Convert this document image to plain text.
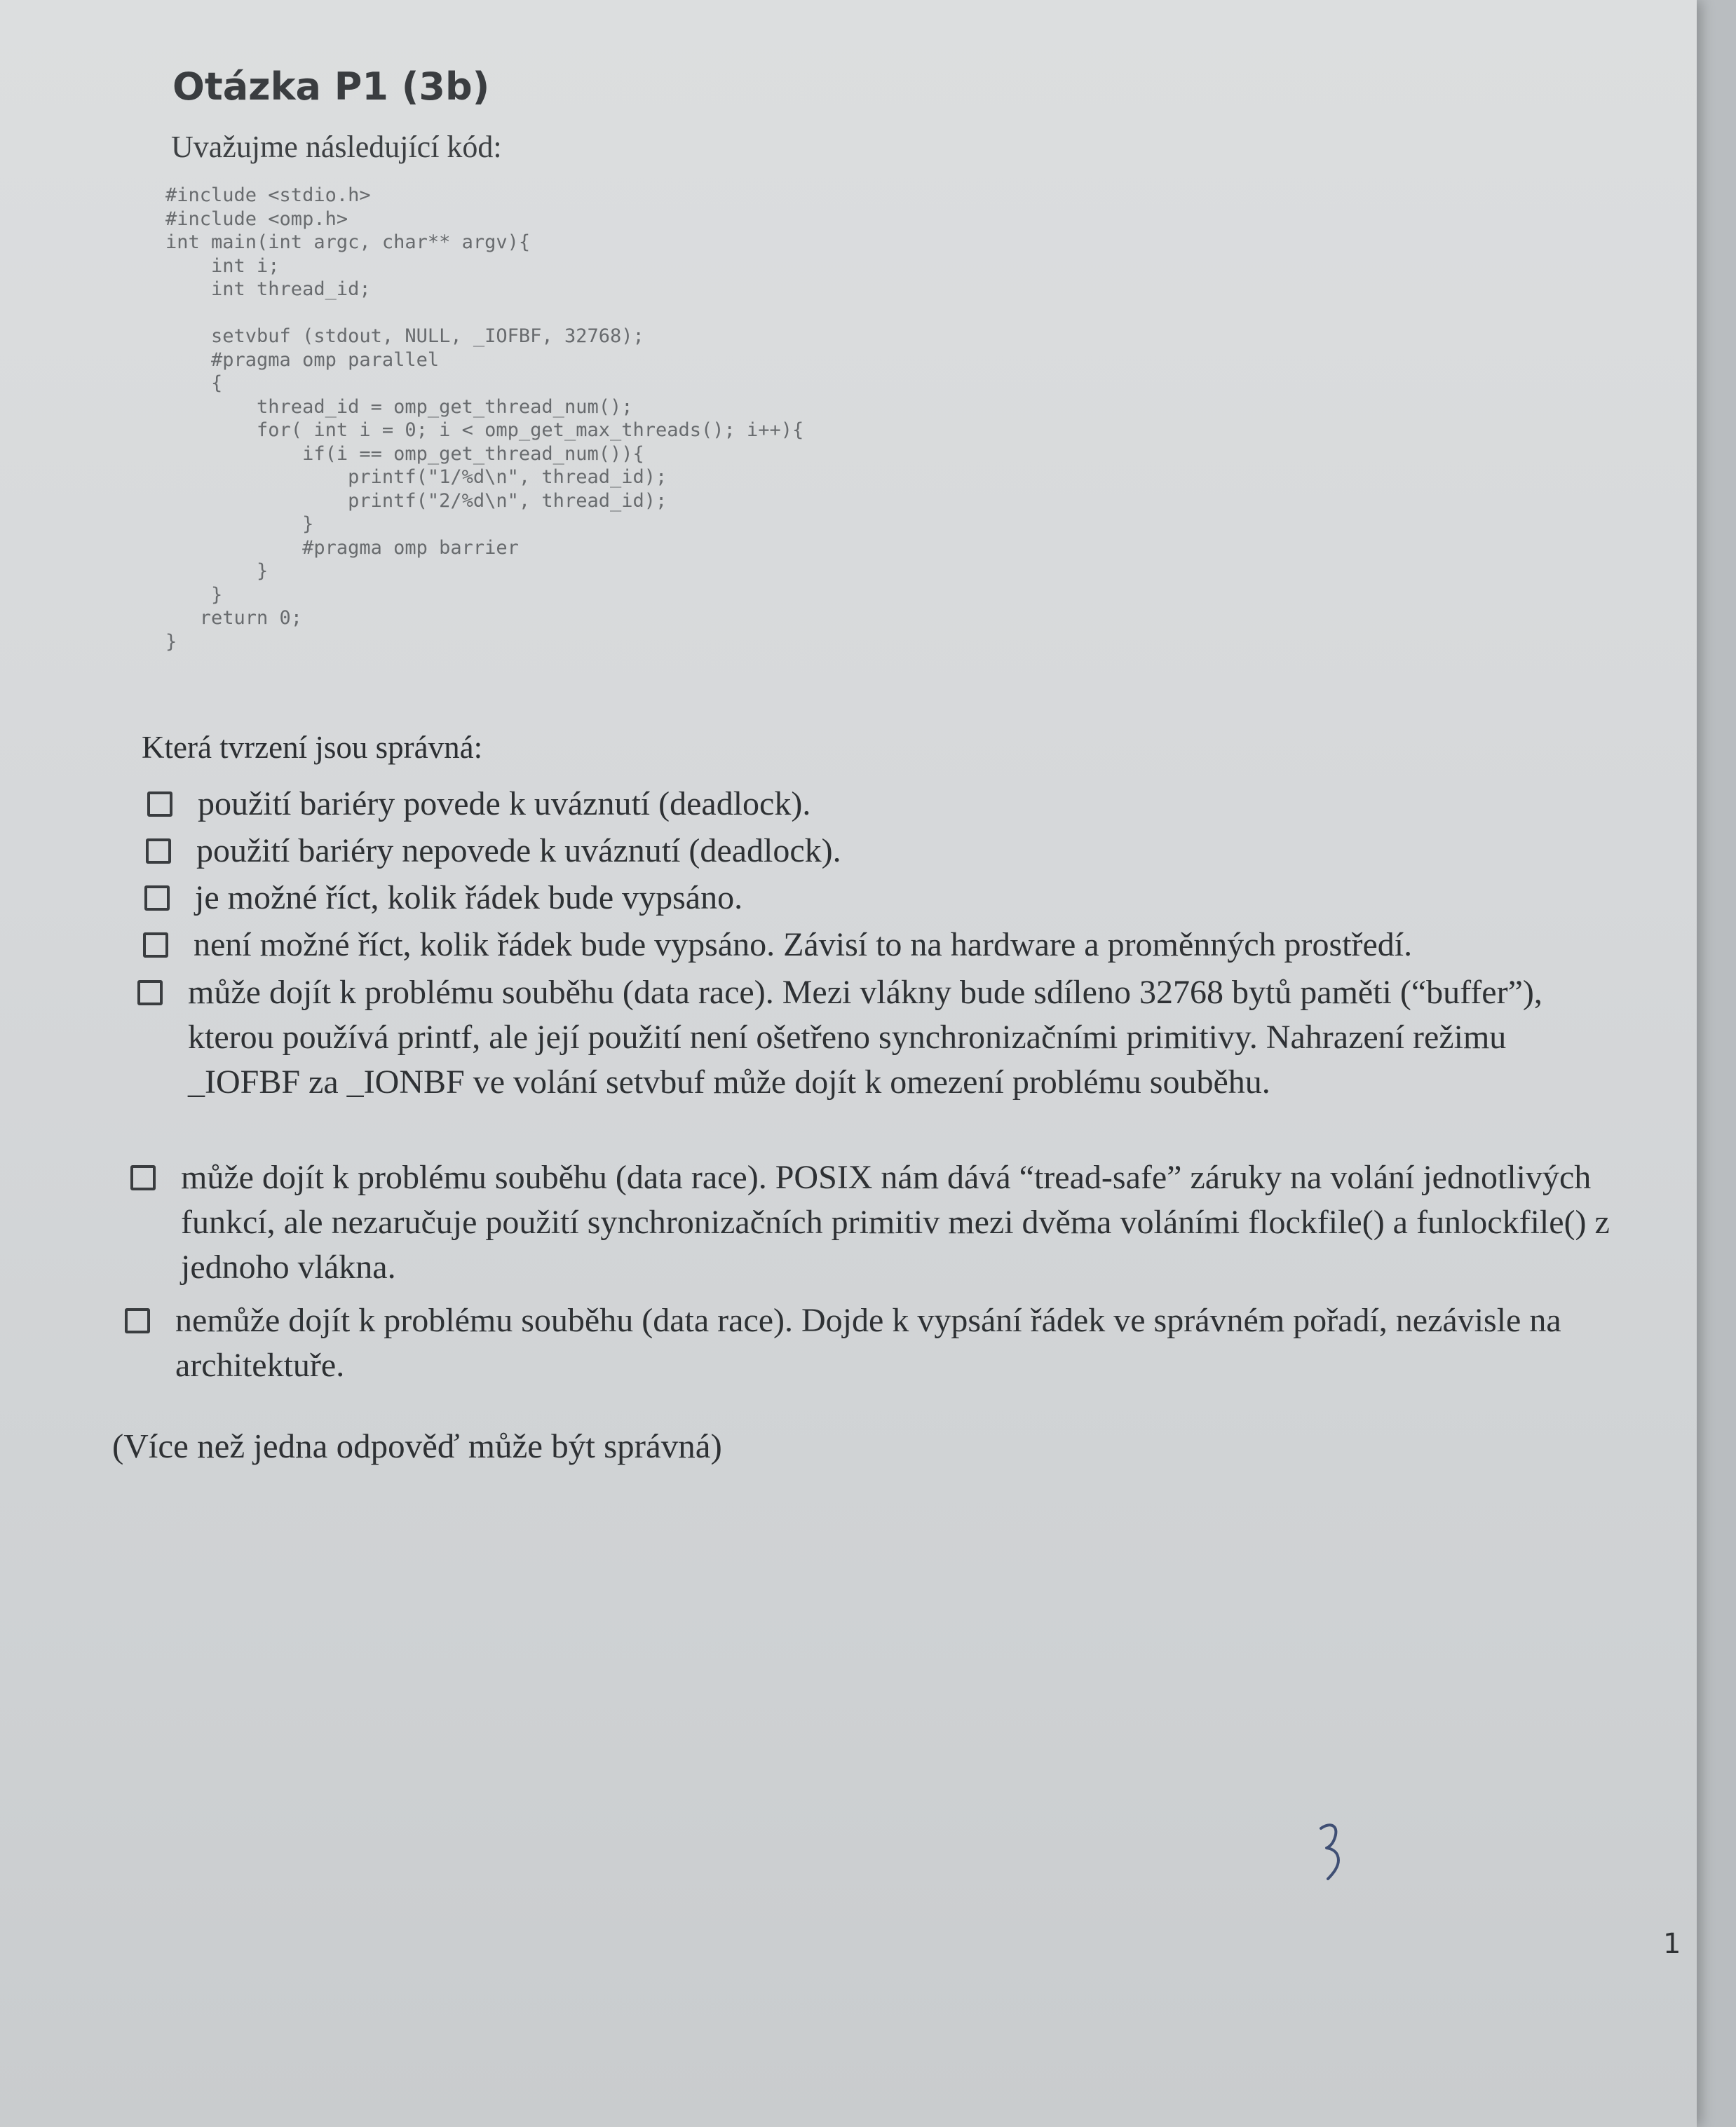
Otázka P1 (3b)
Uvažujme následující kód:
#include <stdio.h>
#include <omp.h>
int main(int argc, char** argv){
int i;
int thread_id;

setvbuf (stdout, NULL, _IOFBF, 32768);
#pragma omp parallel
{
thread_id = omp_get_thread_num();
for( int i = 0; i < omp_get_max_threads(); i++){
if(i == omp_get_thread_num()){
printf("1/%d\n", thread_id);
printf("2/%d\n", thread_id);
}
#pragma omp barrier
}
}
return 0;
}
Která tvrzení jsou správná:
použití bariéry povede k uváznutí (deadlock).
použití bariéry nepovede k uváznutí (deadlock).
je možné říct, kolik řádek bude vypsáno.
není možné říct, kolik řádek bude vypsáno. Závisí to na hardware a proměnných prostředí.
může dojít k problému souběhu (data race). Mezi vlákny bude sdíleno 32768 bytů paměti (“buffer”), kterou používá printf, ale její použití není ošetřeno synchronizačními primitivy. Nahrazení režimu _IOFBF za _IONBF ve volání setvbuf může dojít k omezení problému souběhu.
může dojít k problému souběhu (data race). POSIX nám dává “tread-safe” záruky na volání jednotlivých funkcí, ale nezaručuje použití synchronizačních primitiv mezi dvěma voláními flockfile() a funlockfile() z jednoho vlákna.
nemůže dojít k problému souběhu (data race). Dojde k vypsání řádek ve správném pořadí, nezávisle na architektuře.
(Více než jedna odpověď může být správná)
1
